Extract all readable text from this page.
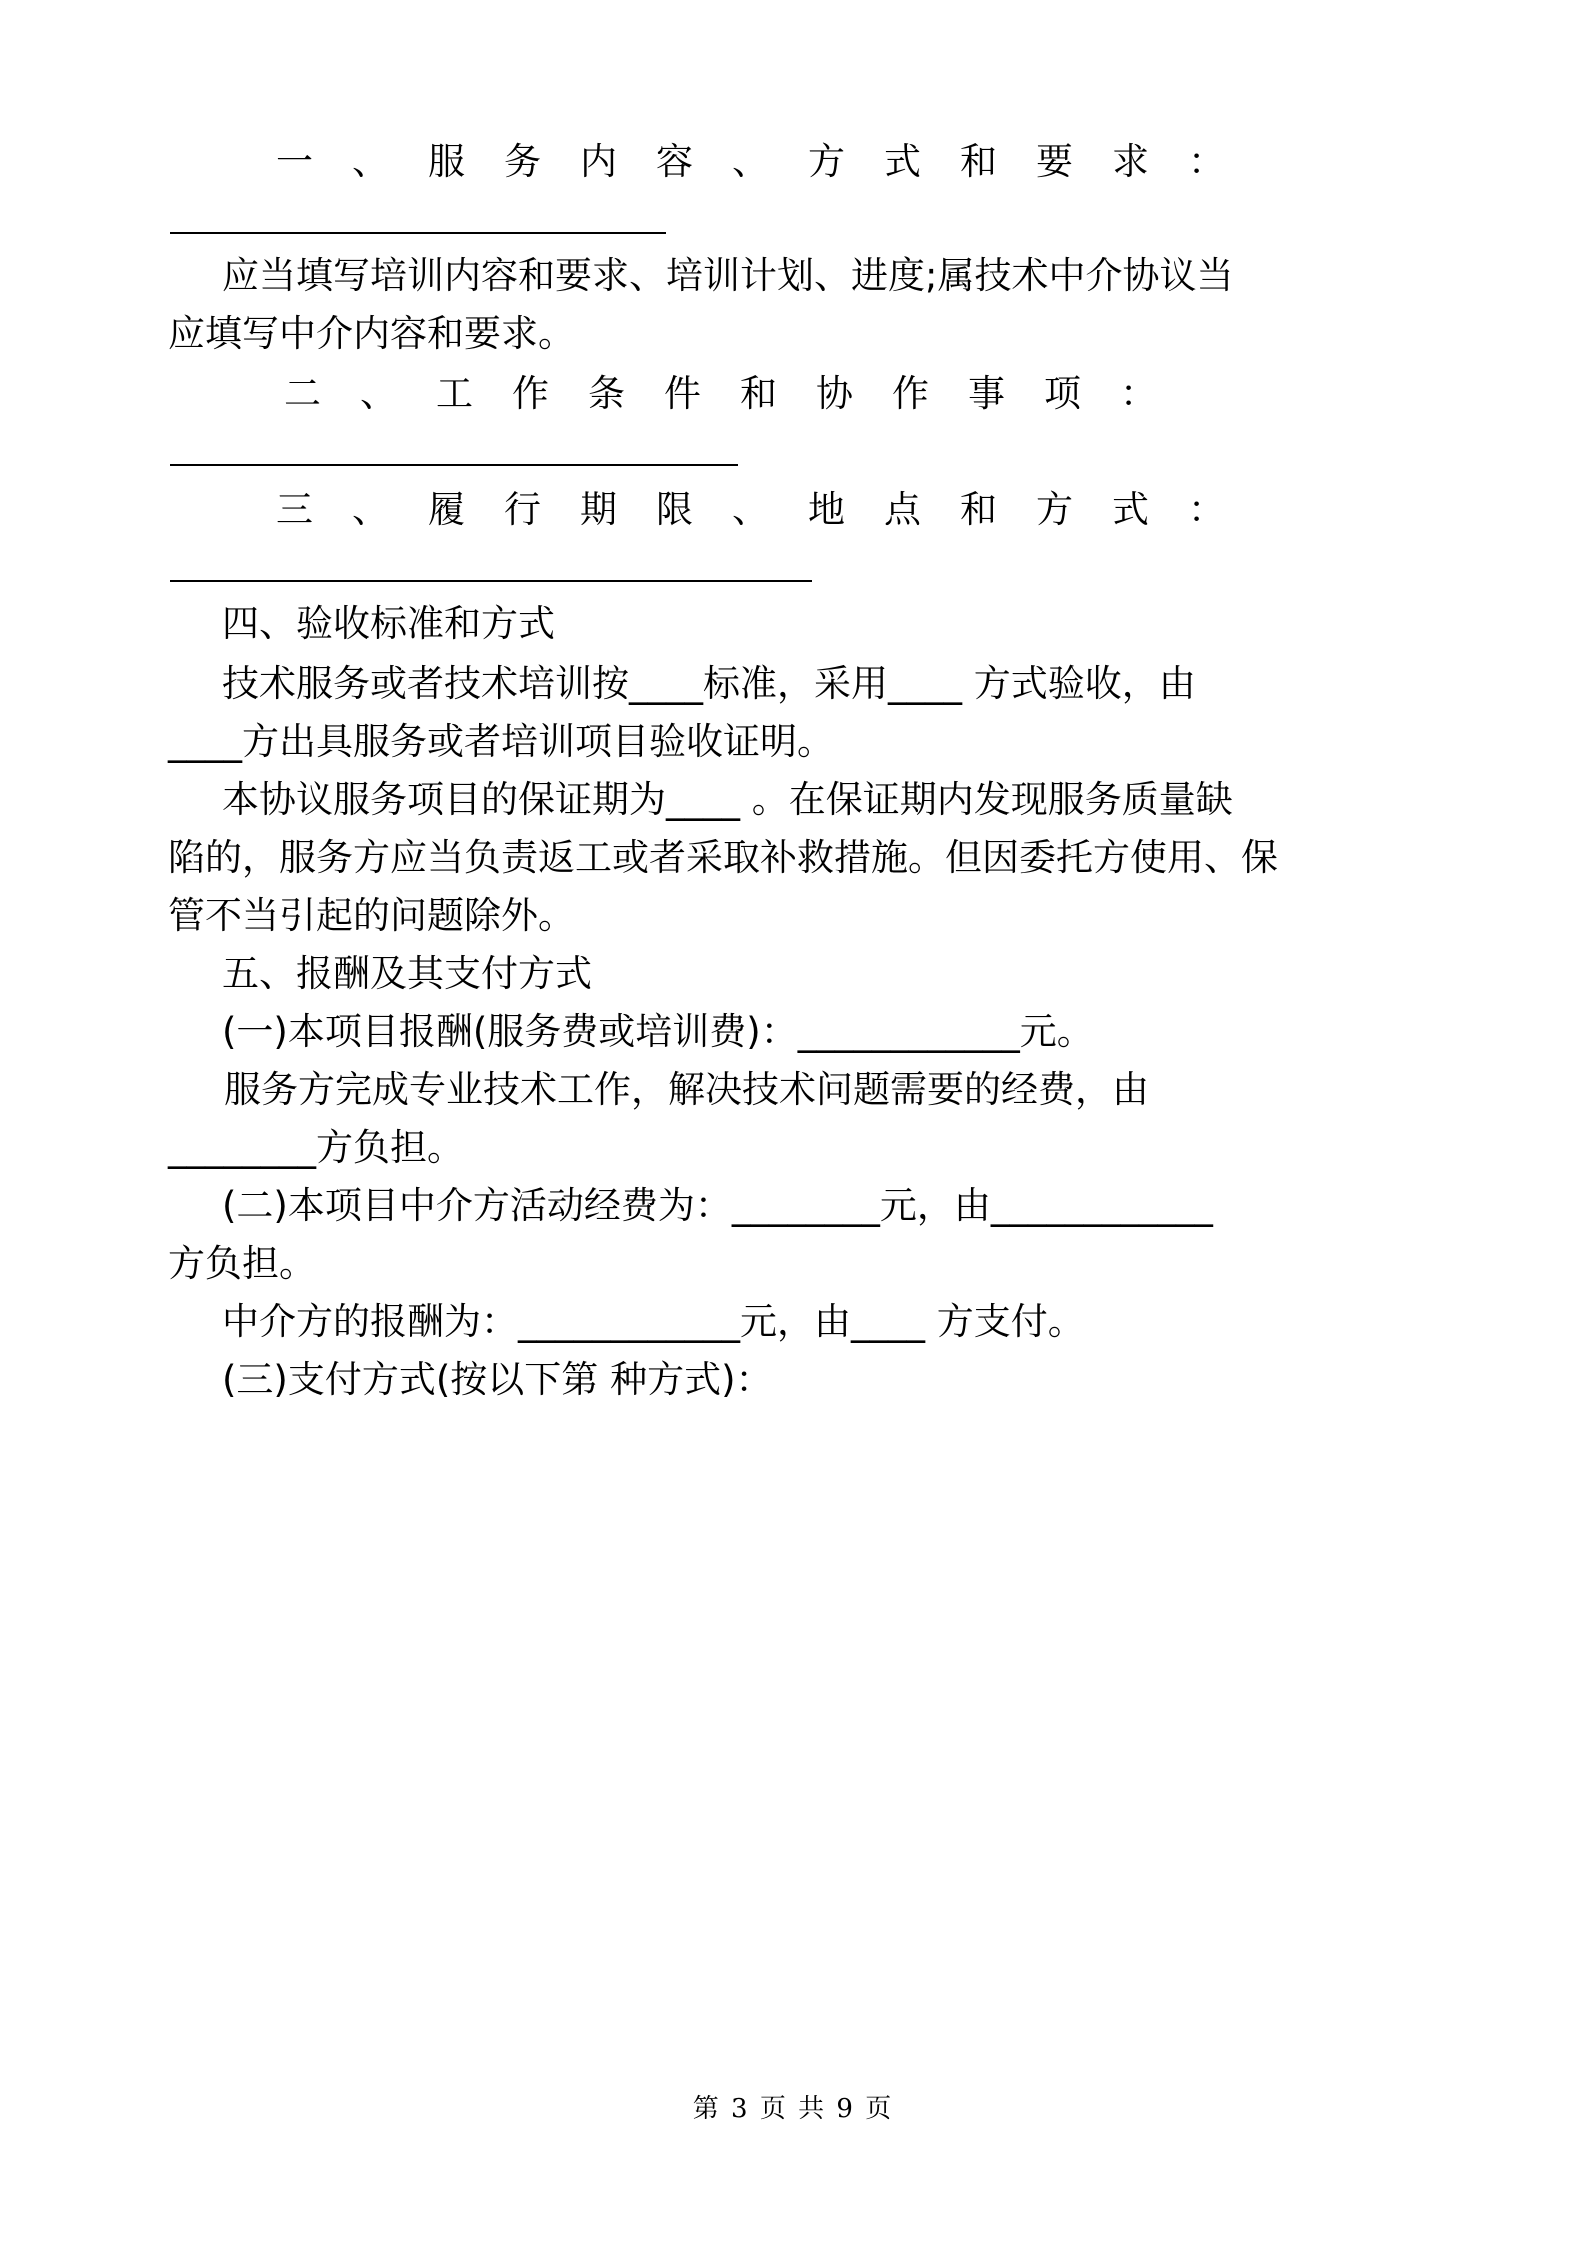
一、服务内容、方式和要求：

应当填写培训内容和要求、培训计划、进度;属技术中介协议当

应填写中介内容和要求。

二、工作条件和协作事项：

三、履行期限、地点和方式：

四、验收标准和方式

技术服务或者技术培训按____标准，采用____ 方式验收，由

____方出具服务或者培训项目验收证明。

本协议服务项目的保证期为____ 。在保证期内发现服务质量缺

陷的，服务方应当负责返工或者采取补救措施。但因委托方使用、保

管不当引起的问题除外。

五、报酬及其支付方式

(一)本项目报酬(服务费或培训费)：____________元。

服务方完成专业技术工作，解决技术问题需要的经费，由

________方负担。

(二)本项目中介方活动经费为：________元，由____________

方负担。

中介方的报酬为：____________元，由____ 方支付。

(三)支付方式(按以下第 种方式)：

第 3 页 共 9 页
